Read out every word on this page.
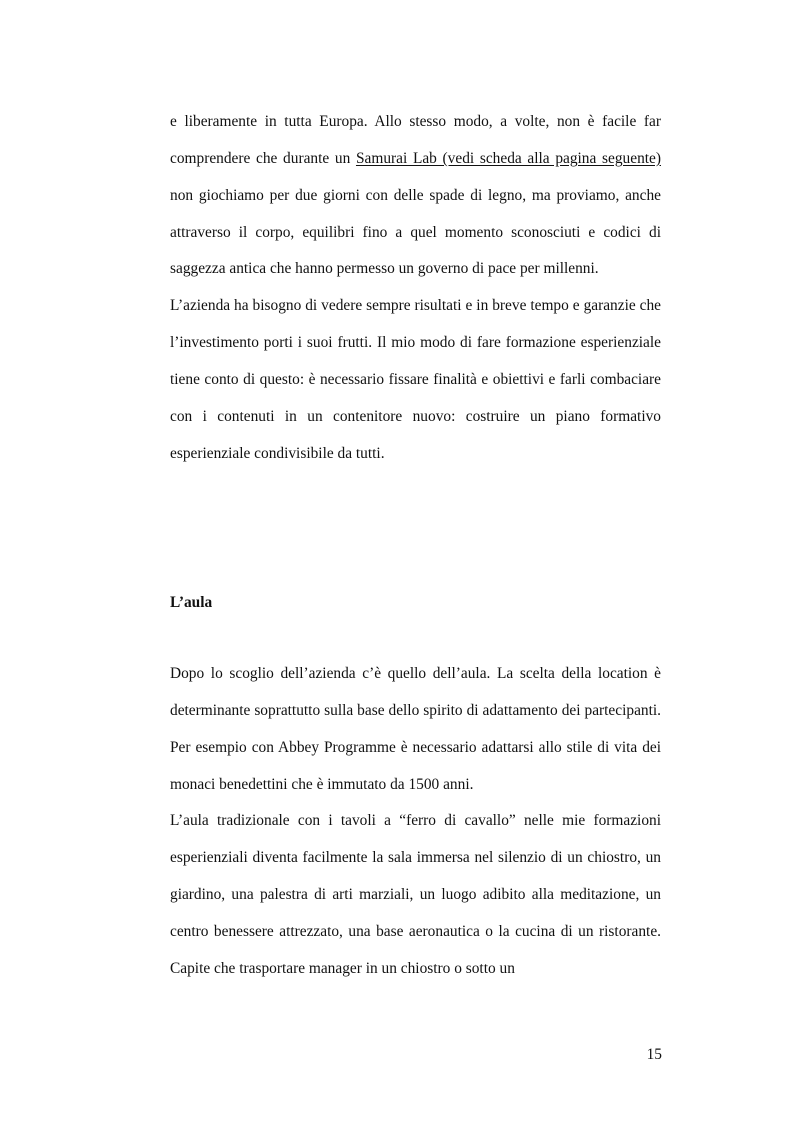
e liberamente in tutta Europa. Allo stesso modo, a volte, non è facile far comprendere che durante un Samurai Lab (vedi scheda alla pagina seguente) non giochiamo per due giorni con delle spade di legno, ma proviamo, anche attraverso il corpo, equilibri fino a quel momento sconosciuti e codici di saggezza antica che hanno permesso un governo di pace per millenni.

L’azienda ha bisogno di vedere sempre risultati e in breve tempo e garanzie che l’investimento porti i suoi frutti. Il mio modo di fare formazione esperienziale tiene conto di questo: è necessario fissare finalità e obiettivi e farli combaciare con i contenuti in un contenitore nuovo: costruire un piano formativo esperienziale condivisibile da tutti.

L’aula

Dopo lo scoglio dell’azienda c’è quello dell’aula. La scelta della location è determinante soprattutto sulla base dello spirito di adattamento dei partecipanti. Per esempio con Abbey Programme è necessario adattarsi allo stile di vita dei monaci benedettini che è immutato da 1500 anni.

L’aula tradizionale con i tavoli a “ferro di cavallo” nelle mie formazioni esperienziali diventa facilmente la sala immersa nel silenzio di un chiostro, un giardino, una palestra di arti marziali, un luogo adibito alla meditazione, un centro benessere attrezzato, una base aeronautica o la cucina di un ristorante. Capite che trasportare manager in un chiostro o sotto un

15
